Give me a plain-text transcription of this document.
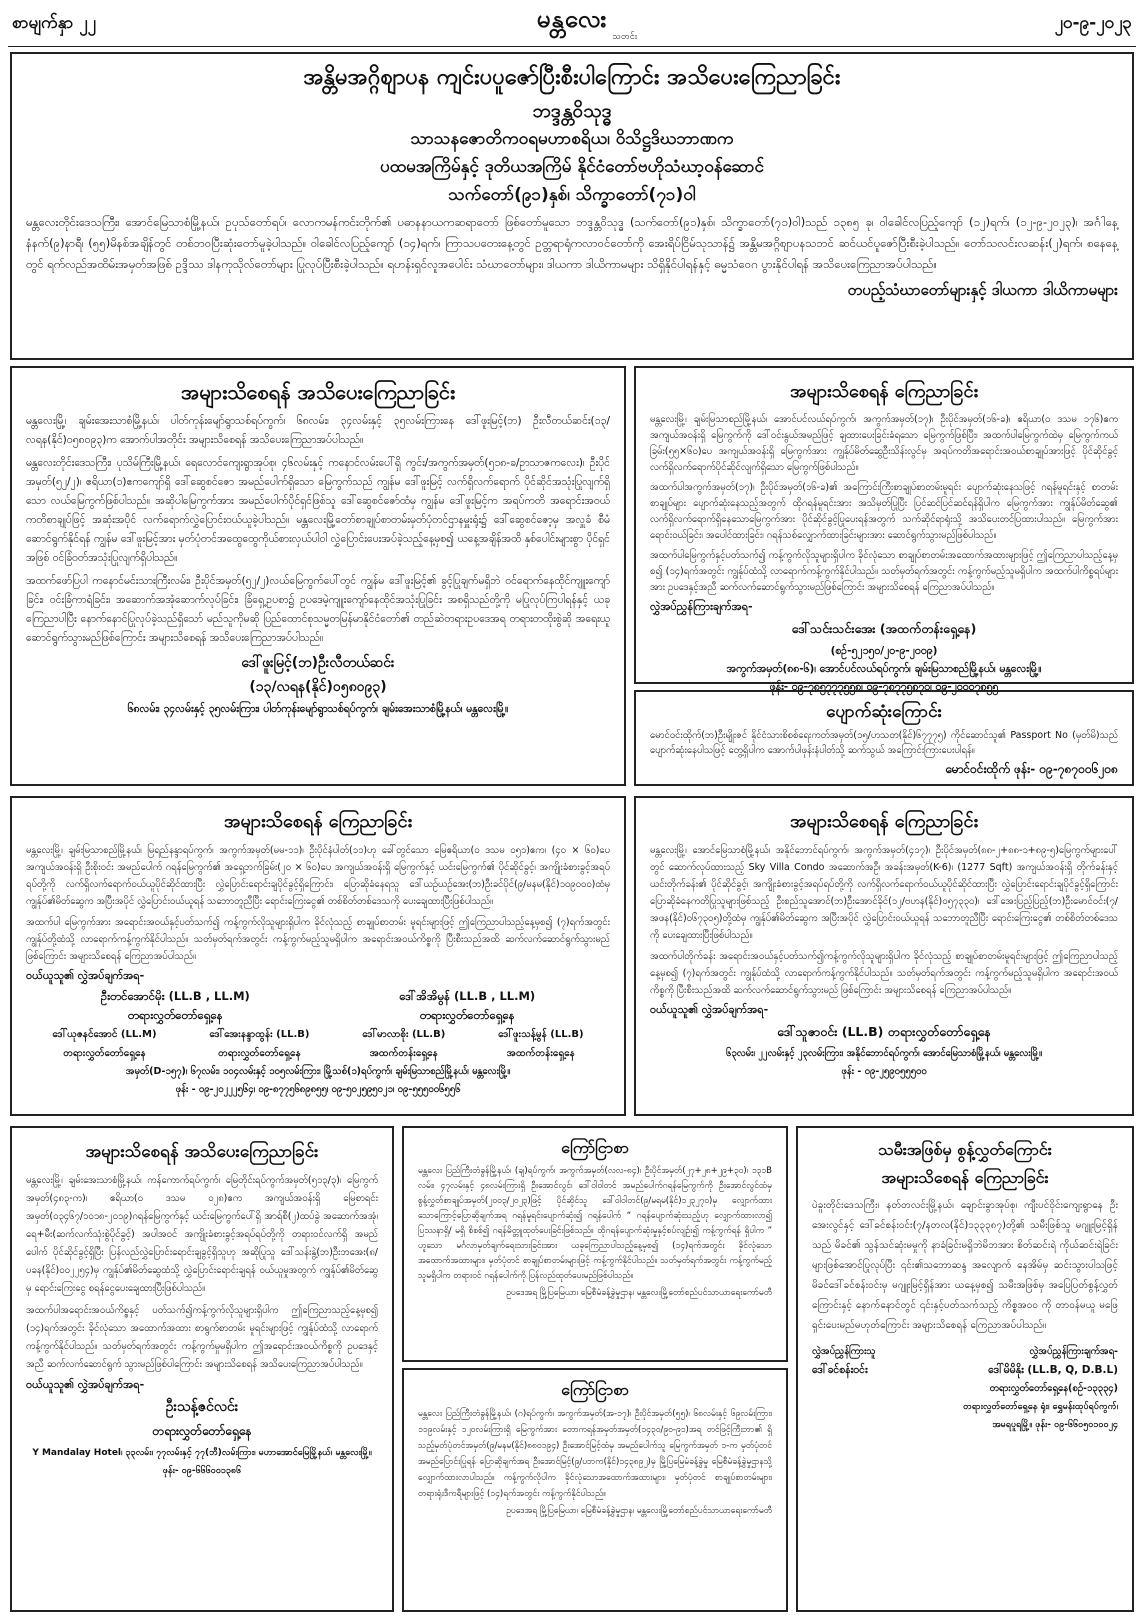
စာမျက်နှာ ၂၂	မန္တလေး
သတင်း
၂၀-၉-၂၀၂၃
အန္တိမအဂ္ဂိစျာပန ကျင်းပပူဇော်ပြီးစီးပါကြောင်း အသိပေးကြေညာခြင်း
ဘဒ္ဒန္တဝိသုဒ္ဓ
သာသနဇောတိကဝရမဟာစရိယ၊ ဝိသိဋ္ဌဒိဃဘာဏက
ပထမအကြိမ်နှင့် ဒုတိယအကြိမ် နိုင်ငံတော်ဗဟိုသံဃာ့ဝန်ဆောင်
သက်တော်(၉၁)နှစ်၊ သိက္ခာတော်(၇၁)ဝါ
မန္တလေးတိုင်းဒေသကြီး၊ အောင်မြေသာစံမြို့နယ်၊ ဥပုသ်တော်ရပ်၊ လောကမန်ကင်းတိုက်၏ ပဓာနနာယကဆရာတော် ဖြစ်တော်မူသော ဘဒ္ဒန္တဝိသုဒ္ဓ (သက်တော်(၉၁)နှစ်၊ သိက္ခာတော်(၇၁)ဝါ)သည် ၁၃၈၅ ခု၊ ဝါခေါင်လပြည့်ကျော် (၁၂)ရက်၊ (၁၂-၉-၂၀၂၃)၊ အင်္ဂါနေ့ နံနက်(၉)နာရီ၊ (၅၅)မိနစ်အချိန်တွင် တစ်ဘဝပြီးဆုံးတော်မူခဲ့ပါသည်။ ဝါခေါင်လပြည့်ကျော် (၁၄)ရက်၊ ကြာသပတေးနေ့တွင် ဥတ္တရာရုံကလာဝင်တော်ကို အေးရိပ်ငြိမ်သုသာန်၌ အန္တိမအဂ္ဂိစျာပနသဘင် ဆင်ယင်ပူဇော်ပြီးစီးခဲ့ပါသည်။ တော်သလင်းလဆန်း(၂)ရက်၊ စနေနေ့တွင် ရက်လည်အထိမ်းအမှတ်အဖြစ် ဥဒ္ဒိဿ ဒါနကုသိုလ်တော်များ ပြုလုပ်ပြီးစီးခဲ့ပါသည်။ ရဟန်းရှင်လူအပေါင်း သံဃာတော်များ၊ ဒါယကာ ဒါယိကာမများ သိရှိနိုင်ပါရန်နှင့် ဓမ္မသံဝေဂ ပွားနိုင်ပါရန် အသိပေးကြေညာအပ်ပါသည်။
တပည့်သံဃာတော်များနှင့် ဒါယကာ ဒါယိကာမများ
အများသိစေရန် အသိပေးကြေညာခြင်း
မန္တလေးမြို့၊ ချမ်းအေးသာစံမြို့နယ်၊ ပါတ်ကုန်းမျော်ရွာသစ်ရပ်ကွက်၊ ၆၈လမ်း၊ ၃၄လမ်းနှင့် ၃၅လမ်းကြားနေ ဒေါ်ဖူးမြင့်(ဘ) ဦးလီတယ်ဆင်း(၁၃/လရန(နိုင်)၀၅၈၀၉၃)က အောက်ပါအတိုင်း အများသိစေရန် အသိပေးကြေညာအပ်ပါသည်။
မန္တလေးတိုင်းဒေသကြီး၊ ပုသိမ်ကြီးမြို့နယ်၊ ရေလောင်ကျေးရွာအုပ်စု၊ ၄၆လမ်းနှင့် ကနောင်လမ်းပေါ်ရှိ ကွင်း/အကွက်အမှတ်(၅၁၈-ခ/ဥာသာဇကလေး)၊ ဦးပိုင်အမှတ်(၅၂/၂)၊ ဧရိယာ(၁)ဧကကျော်ရှိ ဒေါ်ဆွေစင်ဇော အမည်ပေါက်ရှိသော မြေကွက်သည် ကျွန်မ ဒေါ်ဖူးမြင့် လက်ရှိလက်ရောက် ပိုင်ဆိုင်အသုံးပြုလျက်ရှိသော လယ်မြေကွက်ဖြစ်ပါသည်။ အဆိုပါမြေကွက်အား အမည်ပေါက်ပိုင်ရှင်ဖြစ်သူ ဒေါ်ဆွေစင်ဇော်ထံမှ ကျွန်မ ဒေါ်ဖူးမြင့်က အရပ်ကတိ အရောင်းအဝယ်ကတိစာချုပ်ဖြင့် အဆုံးအပိုင် လက်ရောက်လွှဲပြောင်းဝယ်ယူခဲ့ပါသည်။ မန္တလေးမြို့တော်စာချုပ်စာတမ်းမှတ်ပုံတင်ဌာနမှူးရုံး၌ ဒေါ်ဆွေစင်ဇော့မှ အလှူခံ စီမံဆောင်ရွက်နိုင်ရန် ကျွန်မ ဒေါ်ဖူးမြင့်အား မှတ်ပုံတင်အထွေထွေကိုယ်စားလှယ်ပါဝါ လွှဲပြောင်းပေးအပ်ခဲ့သည့်နေ့မှစ၍ ယနေ့အချိန်အထိ နှစ်ပေါင်းများစွာ ပိုင်ရှင်အဖြစ် ဝင်ခြံဝတ်အသုံးပြုလျက်ရှိပါသည်။
အထက်ဖော်ပြပါ ကနောင်မင်းသားကြီးလမ်း၊ ဦးပိုင်အမှတ်(၅၂/၂)လယ်မြေကွက်ပေါ်တွင် ကျွန်မ ဒေါ်ဖူးမြင့်၏ ခွင့်ပြုချက်မရှိဘဲ ဝင်ရောက်နေထိုင်ကျူးကျော်ခြင်း၊ ဝင်းခြံကာရံခြင်း၊ အဆောက်အအုံဆောက်လုပ်ခြင်း၊ ခြံရှေ့ဥပစာ၌ ဥပဒေမဲ့ကျူးကျော်နေထိုင်အသုံးပြုခြင်း အစရှိသည်တို့ကို မပြုလုပ်ကြပါရန်နှင့် ယခုကြေညာပါပြီး နောက်နောင်ပြုလုပ်ခဲ့သည်ရှိသော် မည်သူကိုမဆို ပြည်ထောင်စုသမ္မတမြန်မာနိုင်ငံတော်၏ တည်ဆဲတရားဥပဒေအရ တရားတထိုးစွဲဆို အရေးယူဆောင်ရွက်သွားမည်ဖြစ်ကြောင်း အများသိစေရန် အသိပေးကြေညာအပ်ပါသည်။
ဒေါ်ဖူးမြင့်(ဘ)ဦးလီတယ်ဆင်း
(၁၃/လရန(နိုင်)၀၅၈၀၉၃)
၆၈လမ်း၊ ၃၄လမ်းနှင့် ၃၅လမ်းကြား၊ ပါတ်ကုန်းမျော်ရွာသစ်ရပ်ကွက်၊ ချမ်းအေးသာစံမြို့နယ်၊ မန္တလေးမြို့။
အများသိစေရန် ကြေညာခြင်း
မန္တလေးမြို့၊ ချမ်းမြသာစည်မြို့နယ်၊ အောင်ပင်လယ်ရပ်ကွက်၊ အကွက်အမှတ်(၁၇)၊ ဦးပိုင်အမှတ်(၁၆-ခ)၊ ဧရိယာ(၀ ဒသမ ၁၇၆)ဧက အကျယ်အဝန်းရှိ မြေကွက်ကို ဒေါ်ဝင်းနွယ်အမည်ဖြင့် ချထားပေးခြင်းခံရသော မြေကွက်ဖြစ်ပြီး၊ အထက်ပါမြေကွက်ထဲမှ မြေကွက်ကယ်ခြမ်း(၅၅×၆၀)ပေ အကျယ်အဝန်းရှိ မြေကွက်အား ကျွန်ုပ်မိတ်ဆွေဦးသိန်းလွင်မှ အရပ်ကတိအရောင်းအဝယ်စာချုပ်အားဖြင့် ပိုင်ဆိုင်ခွင့် လက်ရှိလက်ရောက်ပိုင်ဆိုင်လျက်ရှိသော မြေကွက်ဖြစ်ပါသည်။
အထက်ပါအကွက်အမှတ်(၁၇)၊ ဦးပိုင်အမှတ်(၁၆-ခ)၏ အကြောင်းကြီးစာချုပ်စာတမ်းမူရင်း ပျောက်ဆုံးနေသဖြင့် ဂရန်မူရင်းနှင့် စာတမ်းစာချုပ်များ ပျောက်ဆုံးနေသည့်အတွက် ထိုဂရန်မူရင်းအား အသိမှတ်ပြုပြီး ပြင်ဆင်ပြင်ဆင်ရန်ရှိပါက မြေကွက်အား ကျွန်ုပ်မိတ်ဆွေ၏ လက်ရှိလက်ရောက်ရှိနေသောမြေကွက်အား ပိုင်ဆိုင်ခွင့်ပြုပေးရန်အတွက် သက်ဆိုင်ရာရုံးသို့ အသိပေးတင်ပြထားပါသည်။ မြေကွက်အား ရောင်းဝယ်ခြင်း၊ အပေါင်ထားခြင်း၊ ဂရန်သစ်လျှောက်ထားခြင်းများအား ဆောင်ရွက်သွားမည်ဖြစ်ပါသည်။
အထက်ပါမြေကွက်နှင့်ပတ်သက်၍ ကန့်ကွက်လိုသူများရှိပါက ခိုင်လုံသော စာချုပ်စာတမ်းအထောက်အထားများဖြင့် ဤကြေညာပါသည့်နေ့မှစ၍ (၁၄)ရက်အတွင်း ကျွန်ုပ်ထံသို့ လာရောက်ကန့်ကွက်နိုင်ပါသည်။ သတ်မှတ်ရက်အတွင်း ကန့်ကွက်မည့်သူမရှိပါက အထက်ပါကိစ္စရပ်များအား ဥပဒေနှင့်အညီ ဆက်လက်ဆောင်ရွက်သွားမည်ဖြစ်ကြောင်း အများသိစေရန် ကြေညာအပ်ပါသည်။
လွှဲအပ်ညွှန်ကြားချက်အရ-
ဒေါ်သင်းသင်းအေး (အထက်တန်းရှေ့နေ)
(စဉ်-၅၂၁၅၀/၂၀-၉-၂၀၀၉)
အကွက်အမှတ်(၈၈-၆)၊ အောင်ပင်လယ်ရပ်ကွက်၊ ချမ်းမြသာစည်မြို့နယ်၊ မန္တလေးမြို့။
ဖုန်း- ၀၉-၇၈၅၇၇၇၅၅၈၊ ၀၉-၇၈၇၇၅၈၇၀၊ ၀၉-၂၀၀၀၇၈၅၅
ပျောက်ဆုံးကြောင်း
မောင်ဝင်းထိုက်(ဘ)ဦးမျိုးဇင် နိုင်ငံသားစိစစ်ရေးကတ်အမှတ်(၁၅/ဟသတ(နိုင်)၆၇၇၇၅) ကိုင်ဆောင်သူ၏ Passport No (မှတ်မိ)သည် ပျောက်ဆုံးနေပါသဖြင့် တွေ့ရှိပါက အောက်ပါဖုန်းနံပါတ်သို့ ဆက်သွယ် အကြောင်းကြားပေးပါရန်။
မောင်ဝင်းထိုက် ဖုန်း- ၀၉-၇၈၇၀၀၆၂၀၈
အများသိစေရန် ကြေညာခြင်း
မန္တလေးမြို့၊ ချမ်းမြသာစည်မြို့နယ်၊ မြရည်နန္ဒာရပ်ကွက်၊ အကွက်အမှတ်(မမ-၁၁)၊ ဦးပိုင်နံပါတ်(၁၁)ဟု ခေါ်တွင်သော မြေဧရိယာ(၀ ဒသမ ၀၅၁)ဧက၊ (၄၀ × ၆၀)ပေ အကျယ်အဝန်းရှိ ဦးစိုးဝင်း အမည်ပေါက် ဂရန်မြေကွက်၏ အရှေ့ဘက်ခြမ်း(၂၀ × ၆၀)ပေ အကျယ်အဝန်းရှိ မြေကွက်နှင့် ယင်းမြေကွက်၏ ပိုင်ဆိုင်ခွင့်၊ အကျိုးခံစားခွင့်အရပ်ရပ်တို့ကို လက်ရှိလက်ရောက်ဝယ်ယူပိုင်ဆိုင်ထားပြီး လွှဲပြောင်းရောင်းချပိုင်ခွင့်ရှိကြောင်း၊ ပြောဆိုခံနေရသူ ဒေါ်ယဉ်ယဉ်အေး(ဘ)ဦးခင်ပိုင်(၉/မနမ(နိုင်)၁၀၉၀၀၀)ထံမှ ကျွန်ုပ်၏မိတ်ဆွေက အပြီးအပိုင် လွှဲပြောင်းဝယ်ယူရန် သဘောတူညီပြီး ရောင်းကြေးငွေ၏ တစ်စိတ်တစ်ဒေသကို ပေးချေထားပြီးဖြစ်ပါသည်။
အထက်ပါ မြေကွက်အား အရောင်းအဝယ်နှင့်ပတ်သက်၍ ကန့်ကွက်လိုသူများရှိပါက ခိုင်လုံသည့် စာချုပ်စာတမ်း မူရင်းများဖြင့် ဤကြေညာပါသည့်နေ့မှစ၍ (၇)ရက်အတွင်း ကျွန်ုပ်တို့ထံသို့ လာရောက်ကန့်ကွက်နိုင်ပါသည်။ သတ်မှတ်ရက်အတွင်း ကန့်ကွက်မည့်သူမရှိပါက အရောင်းအဝယ်ကိစ္စကို ပြီးစီးသည်အထိ ဆက်လက်ဆောင်ရွက်သွားမည်ဖြစ်ကြောင်း အများသိစေရန် ကြေညာအပ်ပါသည်။
ဝယ်ယူသူ၏ လွှဲအပ်ချက်အရ-
ဦးတင်အောင်မိုး (LL.B , LL.M)
တရားလွှတ်တော်ရှေ့နေ
ဒေါ်အိအိမွန် (LL.B , LL.M)
တရားလွှတ်တော်ရှေ့နေ
ဒေါ်ယုဇနင်အောင် (LL.M)
တရားလွှတ်တော်ရှေ့နေ
ဒေါ်အေးနန္ဒာထွန်း (LL.B)
တရားလွှတ်တော်ရှေ့နေ
ဒေါ်မာလာစိုး (LL.B)
အထက်တန်းရှေ့နေ
ဒေါ်ဖူးသန့်မွန် (LL.B)
အထက်တန်းရှေ့နေ
အမှတ်(D-၁၅၇)၊ ၆၇လမ်း၊ ၁၀၄လမ်းနှင့် ၁၀၅လမ်းကြား၊ မြို့သစ်(၁)ရပ်ကွက်၊ ချမ်းမြသာစည်မြို့နယ်၊ မန္တလေးမြို့။
ဖုန်း - ၀၉-၂၀၂၂၂၅၆၄၊ ၀၉-၈၇၇၅၆၈၉၈၅၅၊ ၀၉-၅၀၂၅၉၅၀၂၁၊ ၀၉-၅၅၅၀၀၆၅၅၆
အများသိစေရန် ကြေညာခြင်း
မန္တလေးမြို့၊ အောင်မြေသာစံမြို့နယ်၊ အနိုင်ဘောင်ရပ်ကွက်၊ အကွက်အမှတ်(၄၁၇)၊ ဦးပိုင်အမှတ်(၈၈-၂+၈၈-၁+၈၉-၅)မြေကွက်များပေါ်တွင် ဆောက်လုပ်ထားသည့် Sky Villa Condo အဆောက်အဦ၊ အခန်းအမှတ်(K-6)၊ (1277 Sqft) အကျယ်အဝန်းရှိ တိုက်ခန်းနှင့် ယင်းတိုက်ခန်း၏ ပိုင်ဆိုင်ခွင့်၊ အကျိုးခံစားခွင့်အရပ်ရပ်တို့ကို လက်ရှိလက်ရောက်ဝယ်ယူပိုင်ဆိုင်ထားပြီး လွှဲပြောင်းရောင်းချပိုင်ခွင့်ရှိကြောင်း ပြောဆိုခံနေကတိပြုသူများဖြစ်သည့် ဦးစည်သူအောင်(ဘ)ဦးအောင်ခိုင်(၁၂/ဗဟန(နိုင်)၀၅၇၃၃၀)၊ ဒေါ်အေးပြည့်ပြည့်(ဘ)ဦးမောင်ဝင်း(၇/အဖန(နိုင်)၀၆၇၃၀၅)တို့ထံမှ ကျွန်ုပ်၏မိတ်ဆွေက အပြီးအပိုင် လွှဲပြောင်းဝယ်ယူရန် သဘောတူညီပြီး ရောင်းကြေးငွေ၏ တစ်စိတ်တစ်ဒေသကို ပေးချေထားပြီးဖြစ်ပါသည်။
အထက်ပါတိုက်ခန်း အရောင်းအဝယ်နှင့်ပတ်သက်၍ကန့်ကွက်လိုသူများရှိပါက ခိုင်လုံသည့် စာချုပ်စာတမ်းမူရင်းများဖြင့် ဤကြေညာပါသည့်နေ့မှစ၍ (၇)ရက်အတွင်း ကျွန်ုပ်ထံသို့ လာရောက်ကန့်ကွက်နိုင်ပါသည်။ သတ်မှတ်ရက်အတွင်း ကန့်ကွက်မည့်သူမရှိပါက အရောင်းအဝယ်ကိစ္စကို ပြီးစီးသည်အထိ ဆက်လက်ဆောင်ရွက်သွားမည် ဖြစ်ကြောင်း အများသိစေရန် ကြေညာအပ်ပါသည်။
ဝယ်ယူသူ၏ လွှဲအပ်ချက်အရ-
ဒေါ်သူဇာဝင်း (LL.B) တရားလွှတ်တော်ရှေ့နေ
၆၃လမ်း၊ ၂၂လမ်းနှင့် ၂၃လမ်းကြား၊ အနိုင်ဘောင်ရပ်ကွက်၊ အောင်မြေသာစံမြို့နယ်၊ မန္တလေးမြို့။
ဖုန်း - ၀၉-၂၅၉၀၅၅၅၀၀
အများသိစေရန် အသိပေးကြေညာခြင်း
မန္တလေးမြို့၊ ချမ်းအေးသာစံမြို့နယ်၊ ကန်ကောက်ရပ်ကွက်၊ မြေတိုင်းရပ်ကွက်အမှတ်(၅၁၃/၃)၊ မြေကွက်အမှတ်(၄၈၃-က)၊ ဧရိယာ(၀ ဒသမ ၀၂၈)ဧက အကျယ်အဝန်းရှိ မြေစာရင်းအမှတ်(၀၃၄၆၇/၁၀၁၈-၂၀၁၉)ဂရန်မြေကွက်နှင့် ယင်းမြေကွက်ပေါ်ရှိ အာရ်စီ(၂)ထပ်ခွဲ အဆောက်အအုံ၊ ရေ+မီး(ဆက်လက်သုံးစွဲပိုင်ခွင့်) အပါအဝင် အကျိုးခံစားခွင့်အရပ်ရပ်တို့ကို တရားဝင်လက်ရှိ အမည်ပေါက် ပိုင်ဆိုင်ခွင့်ရှိပြီး ပြန်လည်လွှဲပြောင်းရောင်းချခွင့်ရှိသူဟု အဆိုပြုသူ ဒေါ်သန်းနွဲ့(ဘ)ဦးဘအေး(၈/ပခန(နိုင်)၀၀၂၂၅၄)မှ ကျွန်ုပ်၏မိတ်ဆွေထံသို့ လွှဲပြောင်းရောင်းချရန် ဝယ်ယူမှုအတွက် ကျွန်ုပ်၏မိတ်ဆွေမှ ရောင်းကြေးငွေ စရန်ငွေပေးချေထားပြီးဖြစ်ပါသည်။
အထက်ပါအရောင်းအဝယ်ကိစ္စနှင့် ပတ်သက်၍ကန့်ကွက်လိုသူများရှိပါက ဤကြေညာသည့်နေ့မှစ၍ (၁၄)ရက်အတွင်း ခိုင်လုံသော အထောက်အထား စာရွက်စာတမ်း မူရင်းများဖြင့် ကျွန်ုပ်ထံသို့ လာရောက်ကန့်ကွက်နိုင်ပါသည်။ သတ်မှတ်ရက်အတွင်း ကန့်ကွက်မှုမရှိပါက ဤအရောင်းအဝယ်ကိစ္စကို ဥပဒေနှင့်အညီ ဆက်လက်ဆောင်ရွက် သွားမည်ဖြစ်ပါကြောင်း အများသိစေရန် အသိပေးကြေညာအပ်ပါသည်။
ဝယ်ယူသူ၏ လွှဲအပ်ချက်အရ-
ဦးသန့်ဇင်လင်း
တရားလွှတ်တော်ရှေ့နေ
Y Mandalay Hotel၊ ၃၃လမ်း၊ ၇၇လမ်းနှင့် ၇၇(ဘီ)လမ်းကြား၊ မဟာအောင်မြေမြို့နယ်၊ မန္တလေးမြို့။ ဖုန်း- ၀၉-၆၆၆၀၀၁၃၈၆
ကြော်ငြာစာ
မန္တလေး ပြည်ကြီးတံခွန်မြို့နယ်၊ (ချ)ရပ်ကွက်၊ အကွက်အမှတ်(လလ-၈၄)၊ ဦးပိုင်အမှတ်(၂၇+၂၈+၂၉+၃၀)၊ ၁၃၁B လမ်း၊ ၄၇လမ်းနှင့် ၄၈လမ်းကြားရှိ ဦးအောင်လွင်၊ ဒေါ်ဝါဝါတင် အမည်ပေါက်ဂရန်မြေကွက်ကို ဦးအောင်လွင်ထံမှ စွန့်လွှတ်စာချုပ်အမှတ်(၂၀၀၃/၂၀၂၃)ဖြင့် ပိုင်ဆိုင်သူ ဒေါ်ဝါဝါတင်(၉/မရမ(နိုင်)၁၂၃၂၇၀)မှ လျှောက်ထားသောကြောင့်ပြောဆိုချက်အရ ဂရန်မူရင်းပျောက်ဆုံး၍ ဂရန်ပေါက် “ ဂရန်ပျောက်ဆုံးသည့်ဟု လျှောက်ထားလာ၍ ပြဿနာရှိ/ မရှိ စိစစ်၍ ဂရန်မိတ္တူထုတ်ပေးခြင်းဖြစ်သည်။ ထိုဂရန်ပျောက်ဆုံးမှုနှင့်စပ်လျဉ်း၍ ကန့်ကွက်ရန် ရှိပါက ” ဟူသော မင်္ဂလာမှတ်ချက်ရေးသားခြင်းအား ယခုကြေညာပါသည့်နေ့မှစ၍ (၁၄)ရက်အတွင်း ခိုင်လုံသောအထောက်အထားများ၊ မှတ်ပုံတင် စာချုပ်စာတမ်းများဖြင့် ကန့်ကွက်နိုင်ပါသည်။ သတ်မှတ်ရက်အတွင်း ကန့်ကွက်မည့်သူမရှိပါက တရားဝင် ဂရန်ပေါက်ကို ပြန်လည်ထုတ်ပေးမည်ဖြစ်ပါသည်။
ဥပဒေအရ မြို့ပြမြေယာ၊ မြေစီမံခန့်ခွဲမှုဌာန၊ မန္တလေးမြို့တော်စည်ပင်သာယာရေးကော်မတီ
ကြော်ငြာစာ
မန္တလေး ပြည်ကြီးတံခွန်မြို့နယ်၊ (ဂ)ရပ်ကွက်၊ အကွက်အမှတ်(အ-၁၇)၊ ဦးပိုင်အမှတ်(၅၅)၊ ၆၈လမ်းနှင့် ၆၉လမ်းကြား၊ ၁၁၉လမ်းနှင့် ၁၂၀လမ်းကြားရှိ မြေကွက်အား တောကရန်အမှတ်အမှတ်(၁၄၃၀/၉၀-၉၁)အရ တင်ဖြင့်ကြီးဘာ၏ ရှိသည့်မှတ်ပုံတင်အမှတ်(၉/မနမ(နိုင်)၈၈၀၁၉၄) ဦးအောင်မြင့်ထံမှ အမည်ပေါက်သူ မြေကွက်အမှတ် ၁-က မှတ်ပုံတင်အမည်ပြောင်းပြုရန် ပြောဆိုချက်အရ ဦးအောင်မြင့်(၉/ပဘက(နိုင်)၁၄၃၈၉၂)မှ မြို့ပြမြေမံခန့်ခွဲမှု မြေစီမံခန့်ခွဲမှုဌာနသို့ လျှောက်ထားလာပါသည်။ ကန့်ကွက်လိုပါက ခိုင်လုံသောအထောက်အထားများ၊ မှတ်ပုံတင် စာချုပ်စာတမ်းများ၊ တရားရုံးဒီကရီများဖြင့် (၁၄)ရက်အတွင်း ကန့်ကွက်နိုင်ပါသည်။
ဥပဒေအရ မြို့ပြမြေယာ၊ မြေစီမံခန့်ခွဲမှုဌာန၊ မန္တလေးမြို့တော်စည်ပင်သာယာရေးကော်မတီ
သမီးအဖြစ်မှ စွန့်လွှတ်ကြောင်း
အများသိစေရန် ကြေညာခြင်း
ပဲခူးတိုင်းဒေသကြီး၊ နတ်တလင်းမြို့နယ်၊ ချောင်းခွာအုပ်စု၊ ကျီးပင်ဝိုင်းကျေးရွာနေ ဦးအေးလွင်နှင့် ဒေါ်ခင်စန်းဝင်း(၇/နတလ(နိုင်)၁၃၃၃၈၇)တို့၏ သမီးဖြစ်သူ မဂျူးမြင့်ရှိန်သည် မိခင်၏ သွန်သင်ဆုံးမမှုကို နာခံခြင်းမရှိဘဲမိဘအား စိတ်ဆင်းရဲ ကိုယ်ဆင်းရဲခြင်းများဖြစ်အောင်ပြုလုပ်ပြီး ၎င်း၏သဘောဆန္ဒ အလျောက် နေအိမ်မှ ဆင်းသွားပါသဖြင့် မိခင်ဒေါ်ခင်စန်းဝင်းမှ မဂျူးမြင့်ရှိန်အား ယနေ့မှစ၍ သမီးအဖြစ်မှ အပြေပြတ်စွန့်လွှတ် ကြောင်းနှင့် နောက်နောင်တွင် ၎င်းနှင့်ပတ်သက်သည့် ကိစ္စအဝဝ ကို တာဝန်မယူ မဖြေရှင်းပေးမည်မဟုတ်ကြောင်း အများသိစေရန် ကြေညာအပ်ပါသည်။
လွှဲအပ်ညွှန်ကြားသူ	လွှဲအပ်ညွှန်ကြားချက်အရ-
ဒေါ်ခင်စန်းဝင်း	ဒေါ်မိမိနိုး (LL.B, Q, D.B.L)
တရားလွှတ်တော်ရှေ့နေ(စဉ်-၁၃၃၃၄)
တရားလွှတ်တော်ရှေ့နေ ရုံး၊ ရွှေမန်းထုပ်ရပ်ကွက်၊
အမရပူရမြို့။ ဖုန်း- ၀၉-၆၆၀၅၀၁၀၀၂၄
